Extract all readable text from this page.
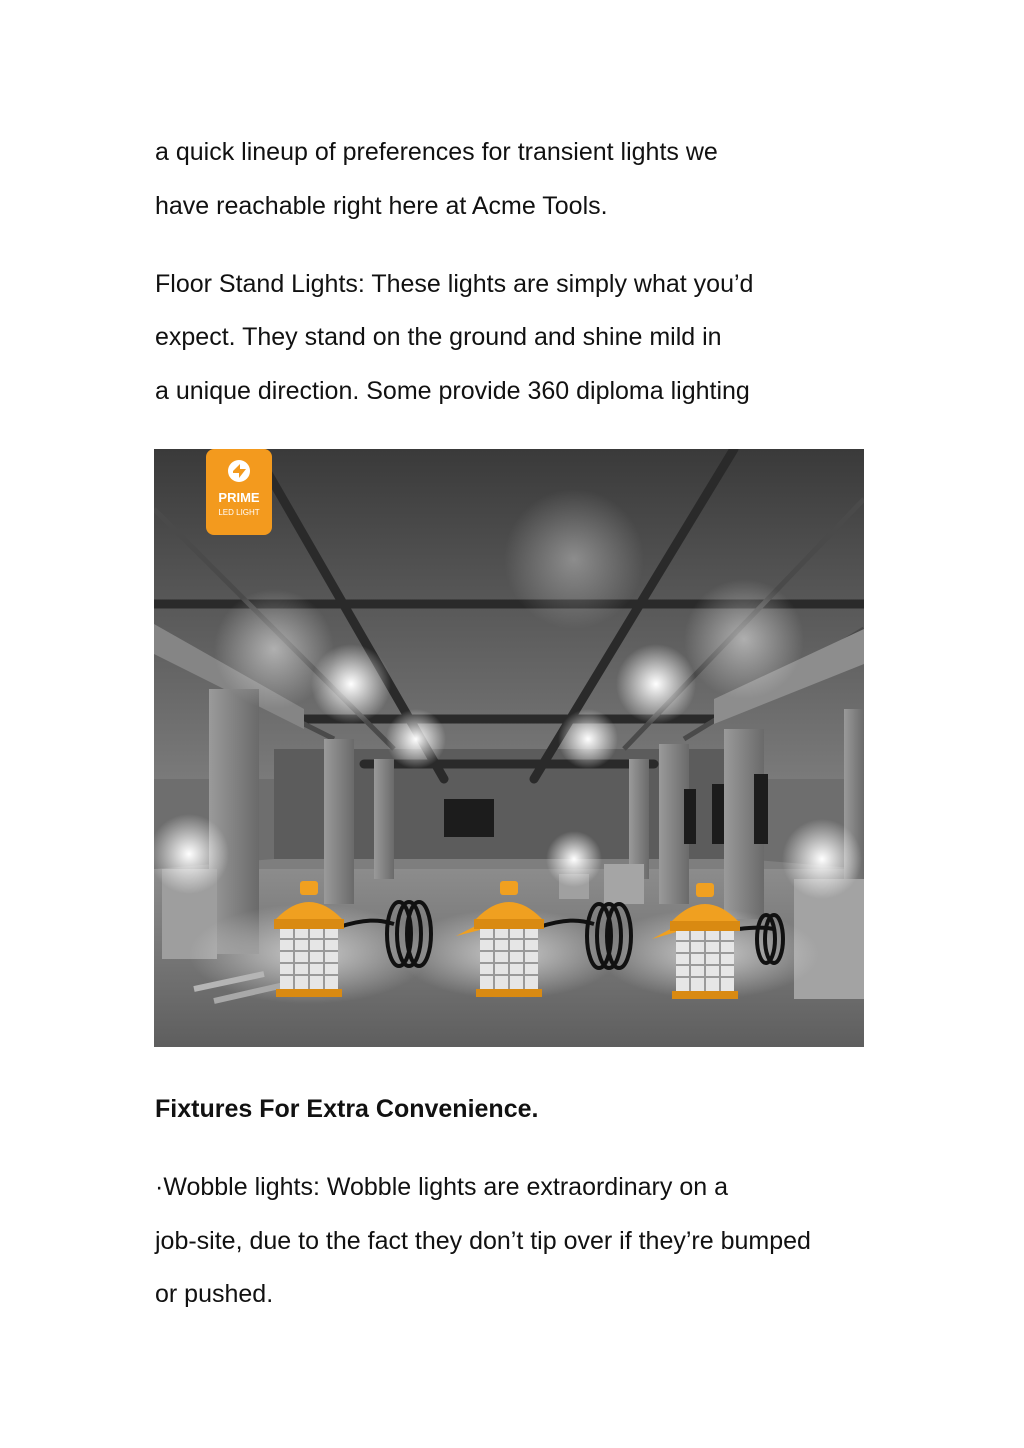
a quick lineup of preferences for transient lights we
have reachable right here at Acme Tools.
Floor Stand Lights: These lights are simply what you’d
expect. They stand on the ground and shine mild in
a unique direction. Some provide 360 diploma lighting
PRIME
LED LIGHT
Fixtures For Extra Convenience.
·Wobble lights: Wobble lights are extraordinary on a
job-site, due to the fact they don’t tip over if they’re bumped
or pushed.
